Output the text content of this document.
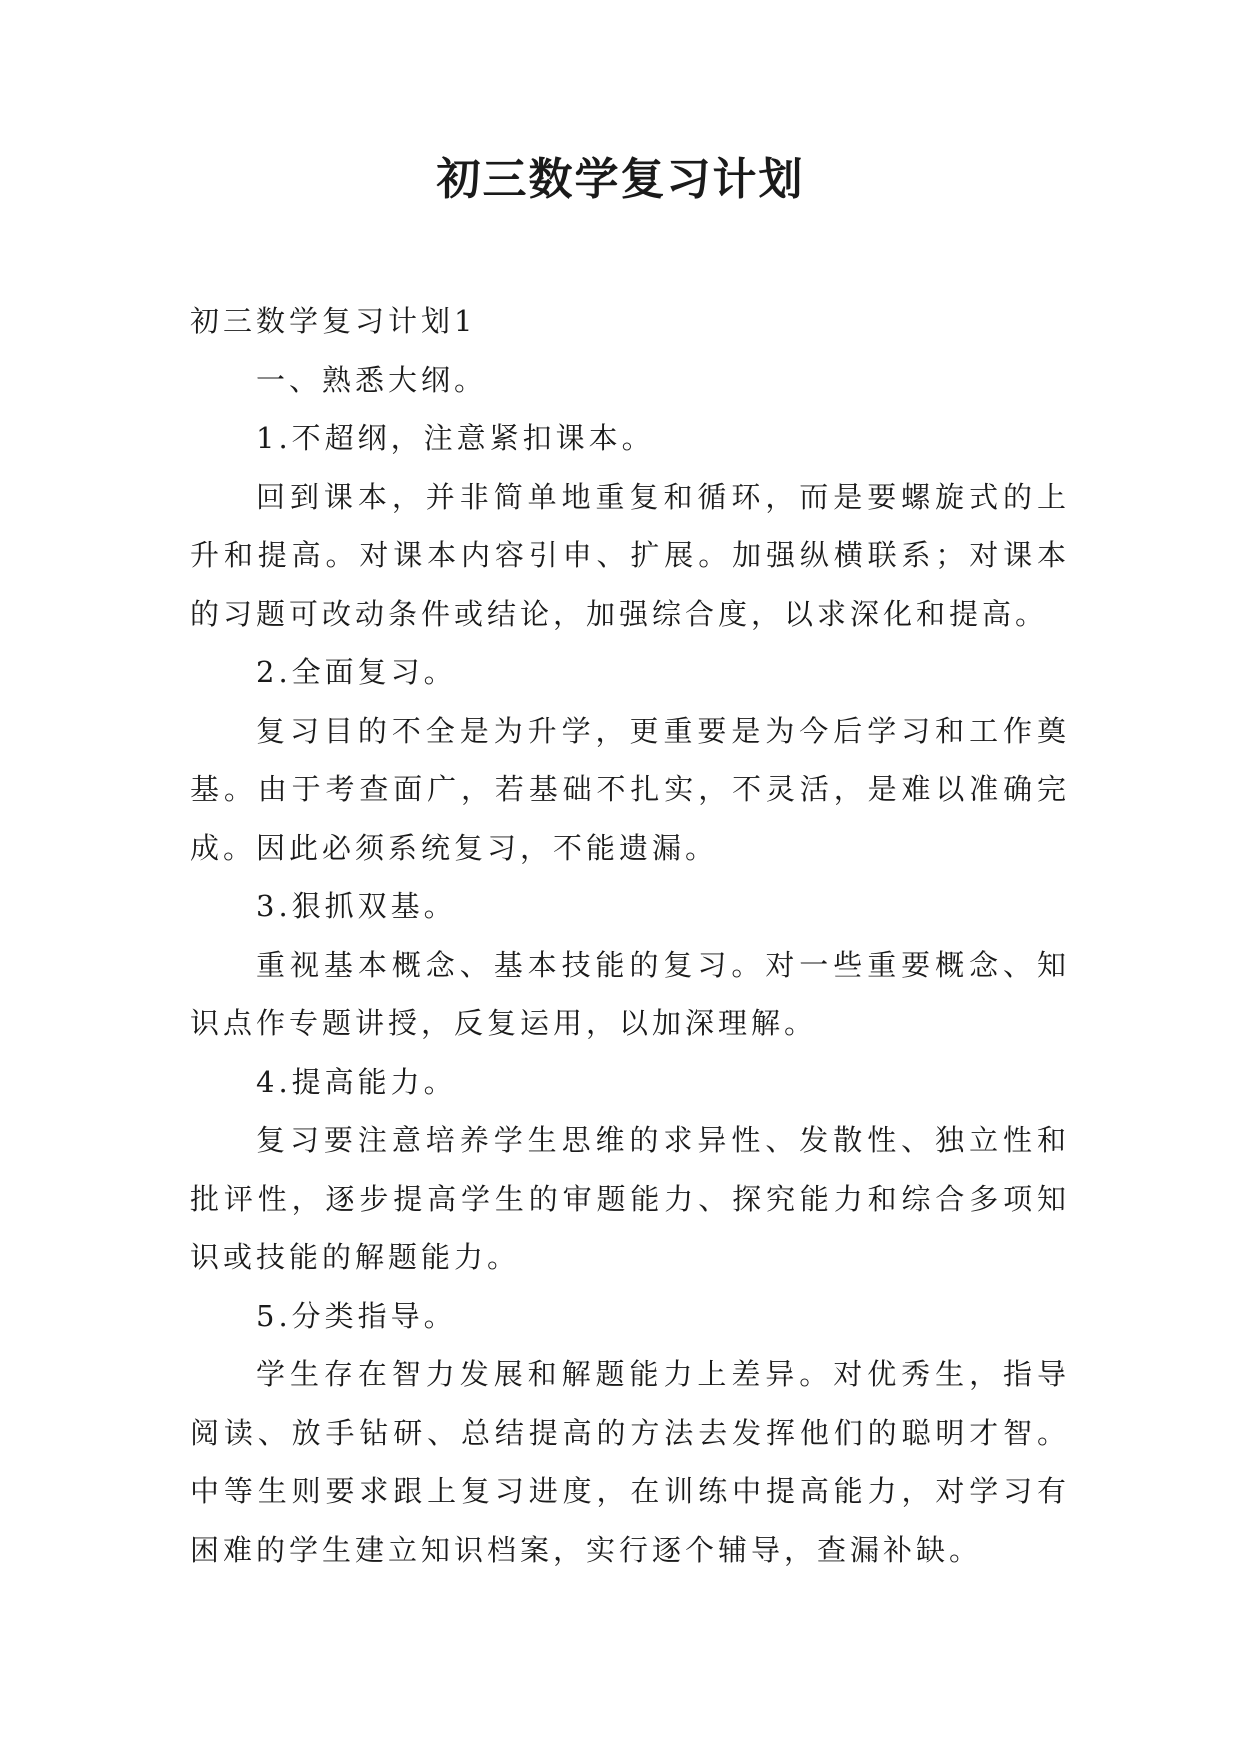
初三数学复习计划

初三数学复习计划1

一、熟悉大纲。

1.不超纲，注意紧扣课本。

回到课本，并非简单地重复和循环，而是要螺旋式的上升和提高。对课本内容引申、扩展。加强纵横联系；对课本的习题可改动条件或结论，加强综合度，以求深化和提高。

2.全面复习。

复习目的不全是为升学，更重要是为今后学习和工作奠基。由于考查面广，若基础不扎实，不灵活，是难以准确完成。因此必须系统复习，不能遗漏。

3.狠抓双基。

重视基本概念、基本技能的复习。对一些重要概念、知识点作专题讲授，反复运用，以加深理解。

4.提高能力。

复习要注意培养学生思维的求异性、发散性、独立性和批评性，逐步提高学生的审题能力、探究能力和综合多项知识或技能的解题能力。

5.分类指导。

学生存在智力发展和解题能力上差异。对优秀生，指导阅读、放手钻研、总结提高的方法去发挥他们的聪明才智。中等生则要求跟上复习进度，在训练中提高能力，对学习有困难的学生建立知识档案，实行逐个辅导，查漏补缺。
